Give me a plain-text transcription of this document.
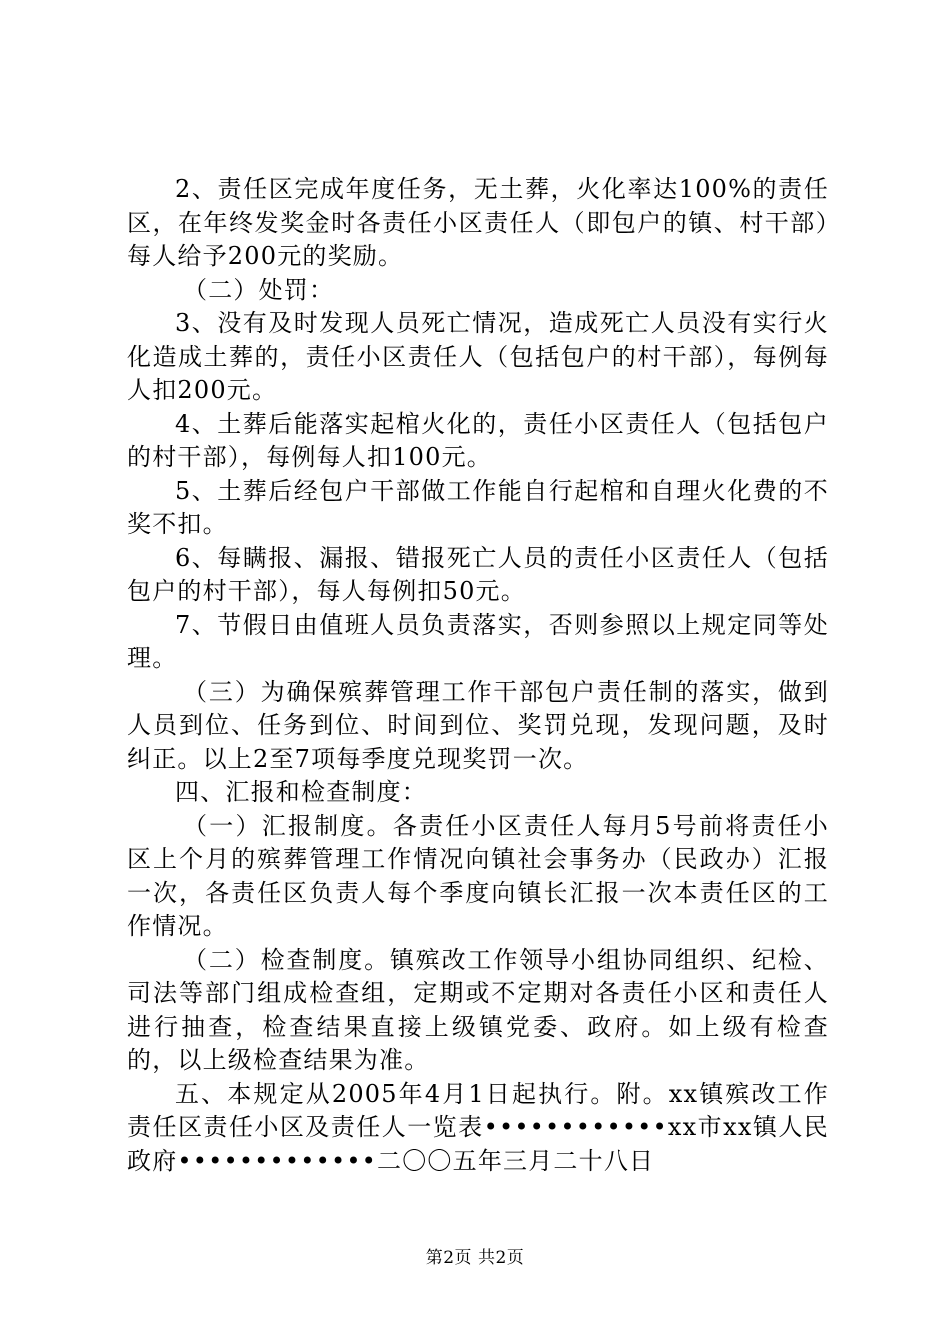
2、责任区完成年度任务，无土葬，火化率达100%的责任区，在年终发奖金时各责任小区责任人（即包户的镇、村干部）每人给予200元的奖励。

（二）处罚：

3、没有及时发现人员死亡情况，造成死亡人员没有实行火化造成土葬的，责任小区责任人（包括包户的村干部），每例每人扣200元。

4、土葬后能落实起棺火化的，责任小区责任人（包括包户的村干部），每例每人扣100元。

5、土葬后经包户干部做工作能自行起棺和自理火化费的不奖不扣。

6、每瞒报、漏报、错报死亡人员的责任小区责任人（包括包户的村干部），每人每例扣50元。

7、节假日由值班人员负责落实，否则参照以上规定同等处理。

（三）为确保殡葬管理工作干部包户责任制的落实，做到人员到位、任务到位、时间到位、奖罚兑现，发现问题，及时纠正。以上2至7项每季度兑现奖罚一次。

四、汇报和检查制度：

（一）汇报制度。各责任小区责任人每月5号前将责任小区上个月的殡葬管理工作情况向镇社会事务办（民政办）汇报一次，各责任区负责人每个季度向镇长汇报一次本责任区的工作情况。

（二）检查制度。镇殡改工作领导小组协同组织、纪检、司法等部门组成检查组，定期或不定期对各责任小区和责任人进行抽查，检查结果直接上级镇党委、政府。如上级有检查的，以上级检查结果为准。

五、本规定从2005年4月1日起执行。附。xx镇殡改工作责任区责任小区及责任人一览表••••••••••••xx市xx镇人民政府•••••••••••••二〇〇五年三月二十八日

第2页 共2页
